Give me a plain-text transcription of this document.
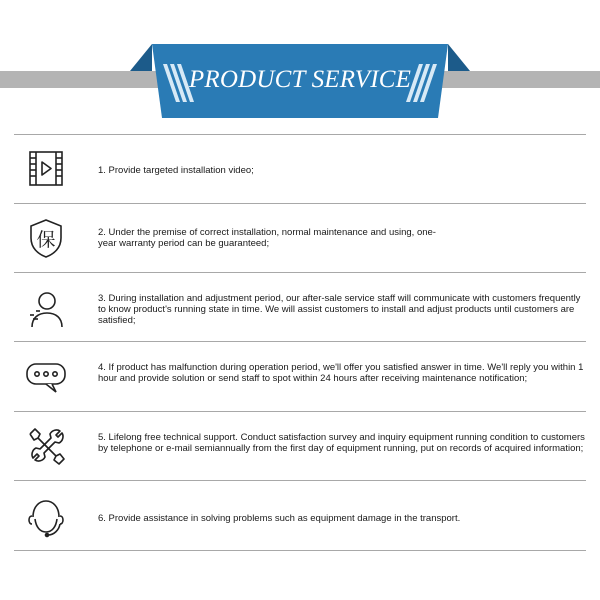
PRODUCT SERVICE
1. Provide targeted installation video;
保	2. Under the premise of correct installation, normal maintenance and using, one-year warranty period can be guaranteed;
3. During installation and adjustment period, our after-sale service staff will communicate with customers frequently to know product's running state in time. We will assist customers to install and adjust products until customers are satisfied;
4. If product has malfunction during operation period, we'll offer you satisfied answer in time. We'll reply you within 1 hour and provide solution or send staff to spot within 24 hours after receiving maintenance notification;
5. Lifelong free technical support. Conduct satisfaction survey and inquiry equipment running condition to customers by telephone or e-mail semiannually from the first day of equipment running, put on records of acquired information;
6. Provide assistance in solving problems such as equipment damage in the transport.
